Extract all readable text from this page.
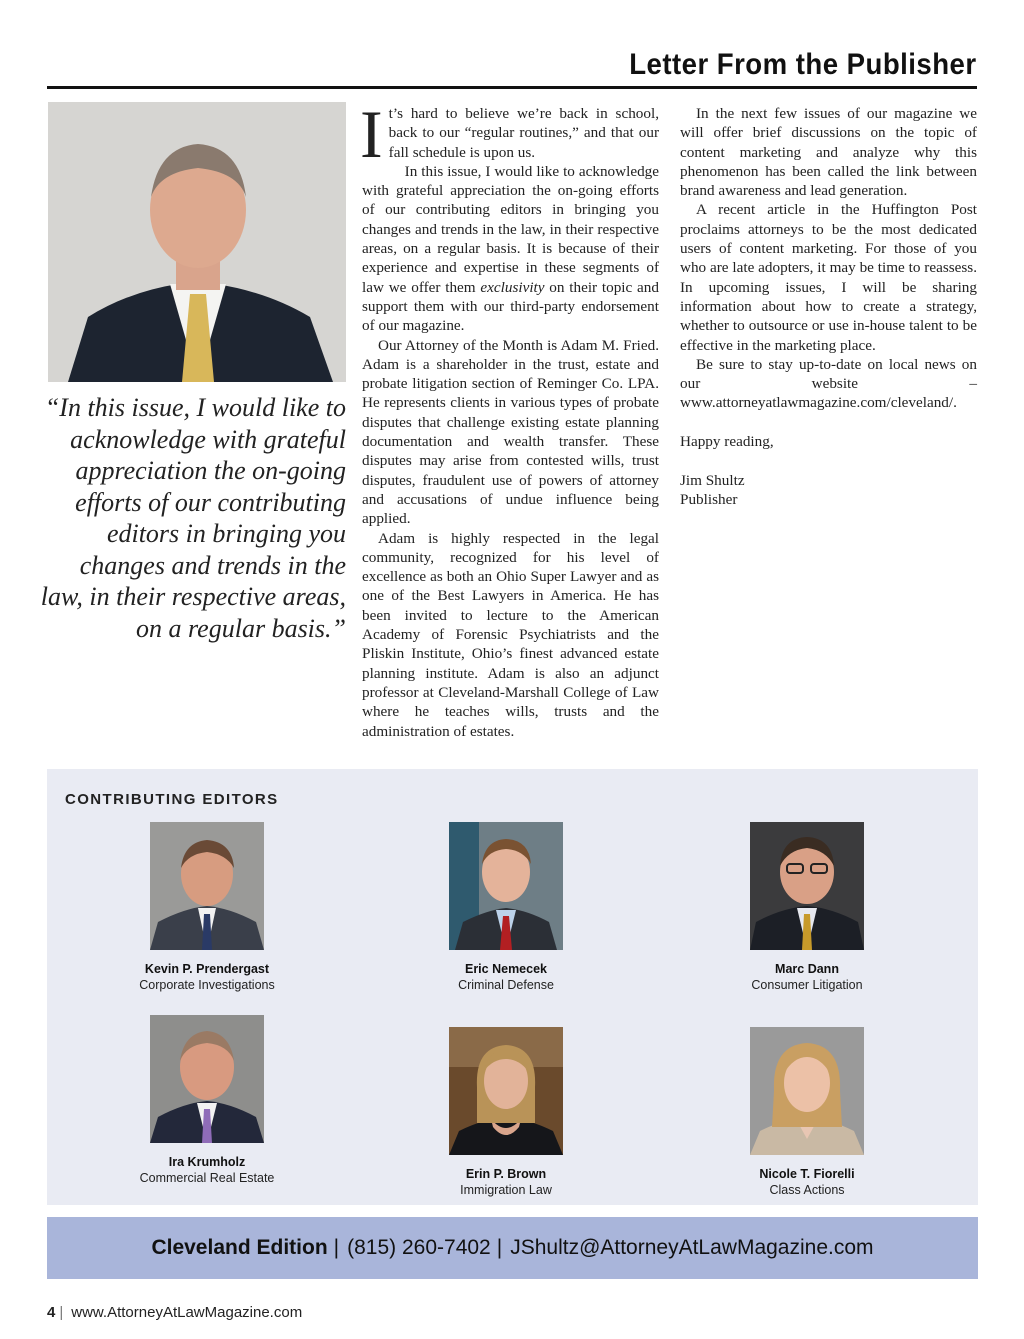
Letter From the Publisher
“In this issue, I would like to acknowledge with grateful appreciation the on-going efforts of our contributing editors in bringing you changes and trends in the law, in their respective areas, on a regular basis.”

It’s hard to believe we’re back in school, back to our “regular routines,” and that our fall schedule is upon us.

In this issue, I would like to acknowledge with grateful appreciation the on-going efforts of our contributing editors in bringing you changes and trends in the law, in their respective areas, on a regular basis. It is because of their experience and expertise in these segments of law we offer them exclusivity on their topic and support them with our third-party endorsement of our magazine.

Our Attorney of the Month is Adam M. Fried. Adam is a shareholder in the trust, estate and probate litigation section of Reminger Co. LPA. He represents clients in various types of probate disputes that challenge existing estate planning documentation and wealth transfer. These disputes may arise from contested wills, trust disputes, fraudulent use of powers of attorney and accusations of undue influence being applied.

Adam is highly respected in the legal community, recognized for his level of excellence as both an Ohio Super Lawyer and as one of the Best Lawyers in America. He has been invited to lecture to the American Academy of Forensic Psychiatrists and the Pliskin Institute, Ohio’s finest advanced estate planning institute. Adam is also an adjunct professor at Cleveland-Marshall College of Law where he teaches wills, trusts and the administration of estates.

In the next few issues of our magazine we will offer brief discussions on the topic of content marketing and analyze why this phenomenon has been called the link between brand awareness and lead generation.

A recent article in the Huffington Post proclaims attorneys to be the most dedicated users of content marketing. For those of you who are late adopters, it may be time to reassess. In upcoming issues, I will be sharing information about how to create a strategy, whether to outsource or use in-house talent to be effective in the marketing place.

Be sure to stay up-to-date on local news on our website – www.attorneyatlawmagazine.com/cleveland/.

Happy reading,

Jim Shultz

Publisher

CONTRIBUTING EDITORS
Kevin P. Prendergast
Corporate Investigations
Eric Nemecek
Criminal Defense
Marc Dann
Consumer Litigation
Ira Krumholz
Commercial Real Estate	Erin P. Brown
Immigration Law
Nicole T. Fiorelli
Class Actions
Cleveland Edition | (815) 260-7402 | JShultz@AttorneyAtLawMagazine.com
4 | www.AttorneyAtLawMagazine.com
